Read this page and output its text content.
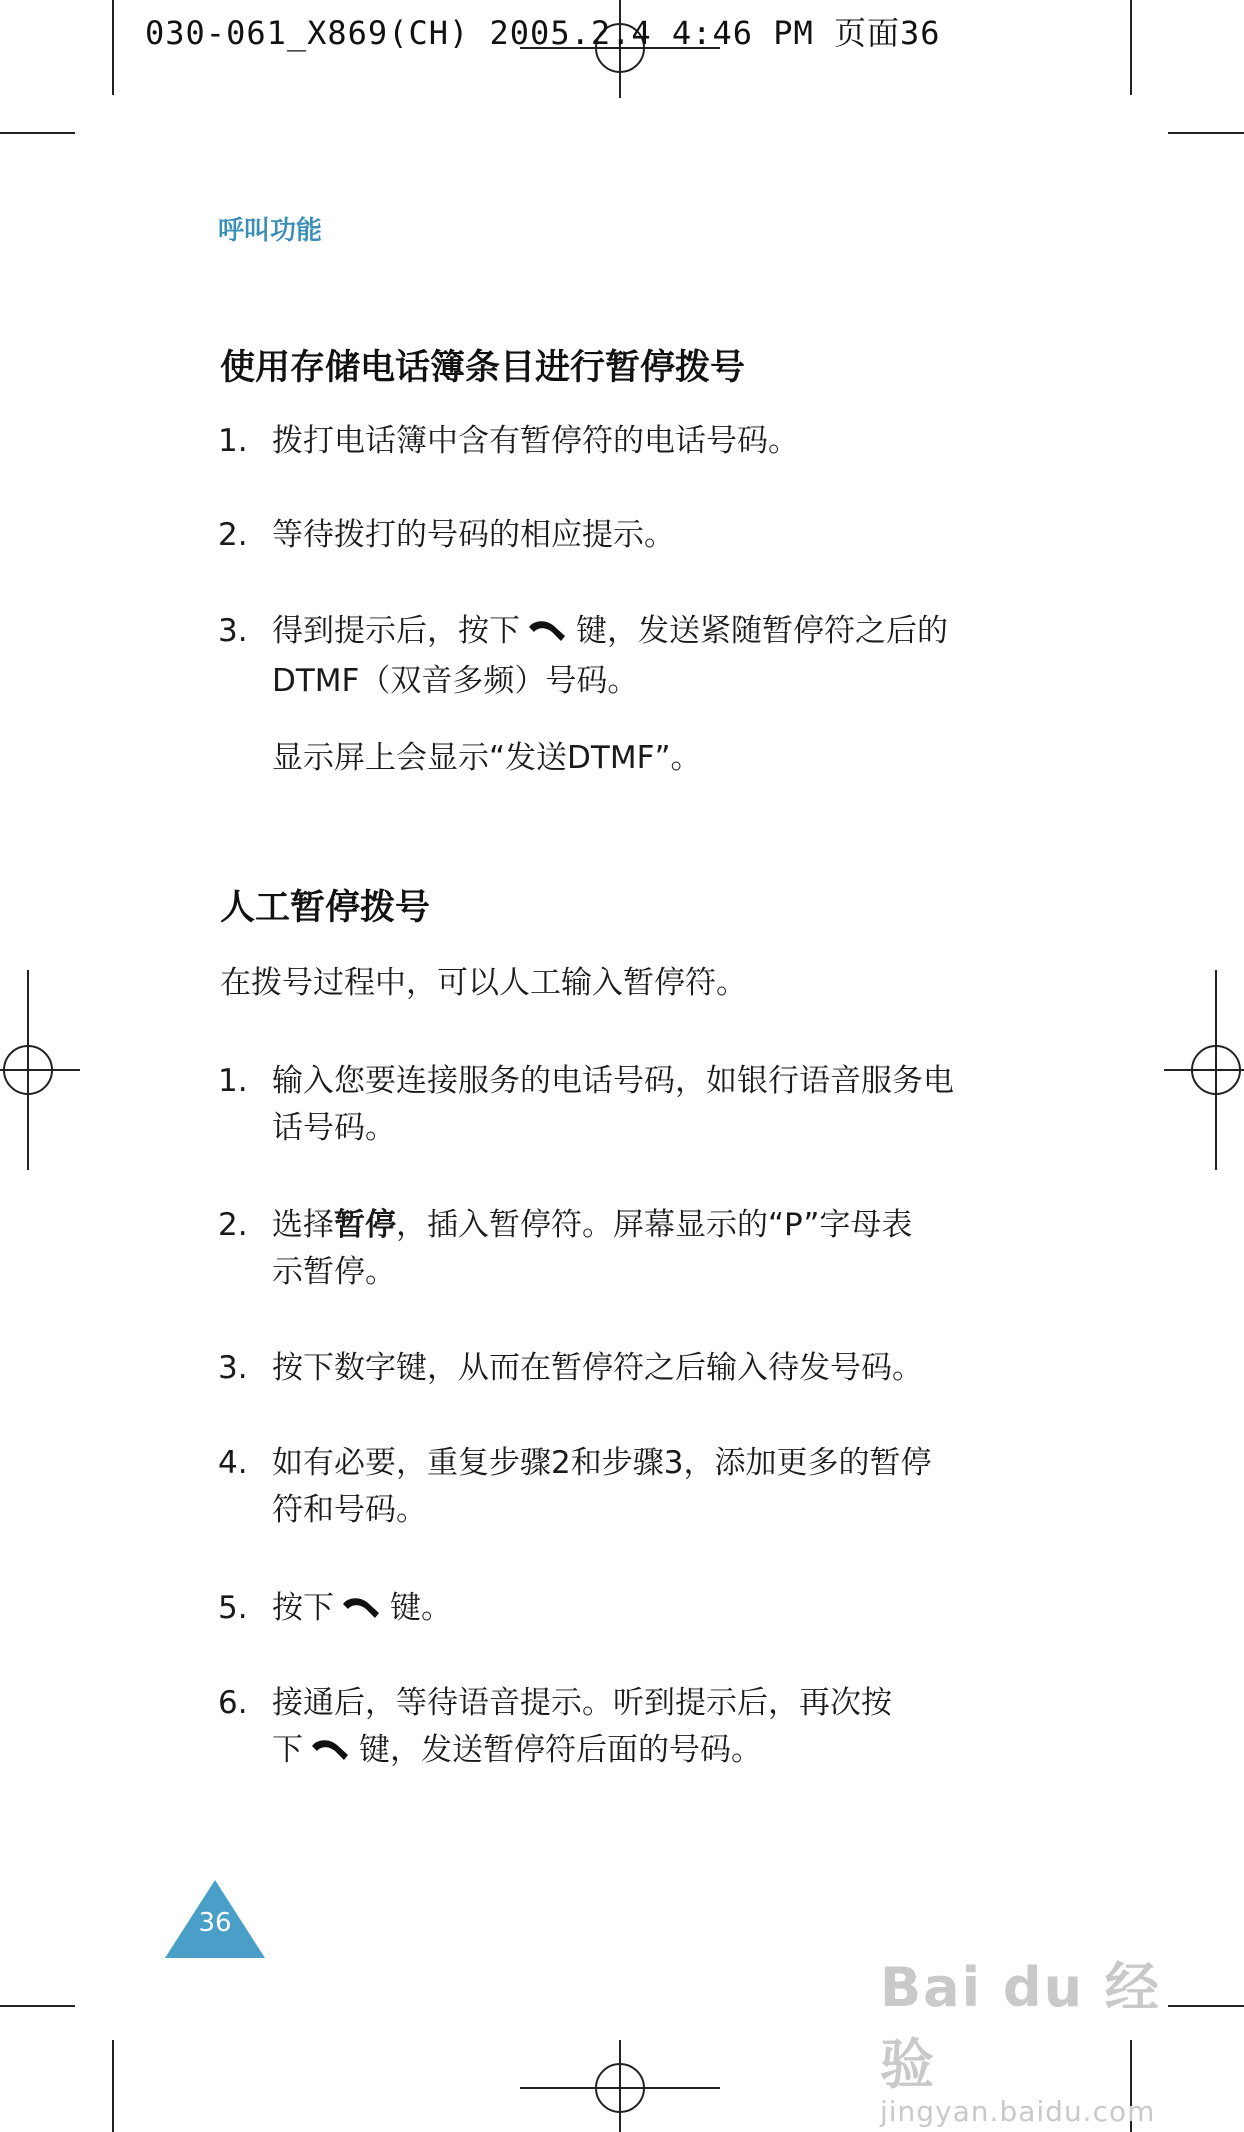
030-061_X869(CH) 2005.2.4 4:46 PM 页面36
呼叫功能
使用存储电话簿条目进行暂停拨号
1. 拨打电话簿中含有暂停符的电话号码。
2. 等待拨打的号码的相应提示。
3. 得到提示后，按下 键，发送紧随暂停符之后的
DTMF（双音多频）号码。
显示屏上会显示“发送DTMF”。
人工暂停拨号
在拨号过程中，可以人工输入暂停符。
1. 输入您要连接服务的电话号码，如银行语音服务电
话号码。
2. 选择暂停，插入暂停符。屏幕显示的“P”字母表
示暂停。
3. 按下数字键，从而在暂停符之后输入待发号码。
4. 如有必要，重复步骤2和步骤3，添加更多的暂停
符和号码。
5. 按下 键。
6. 接通后，等待语音提示。听到提示后，再次按
下 键，发送暂停符后面的号码。
36
Bai du 经验
jingyan.baidu.com
